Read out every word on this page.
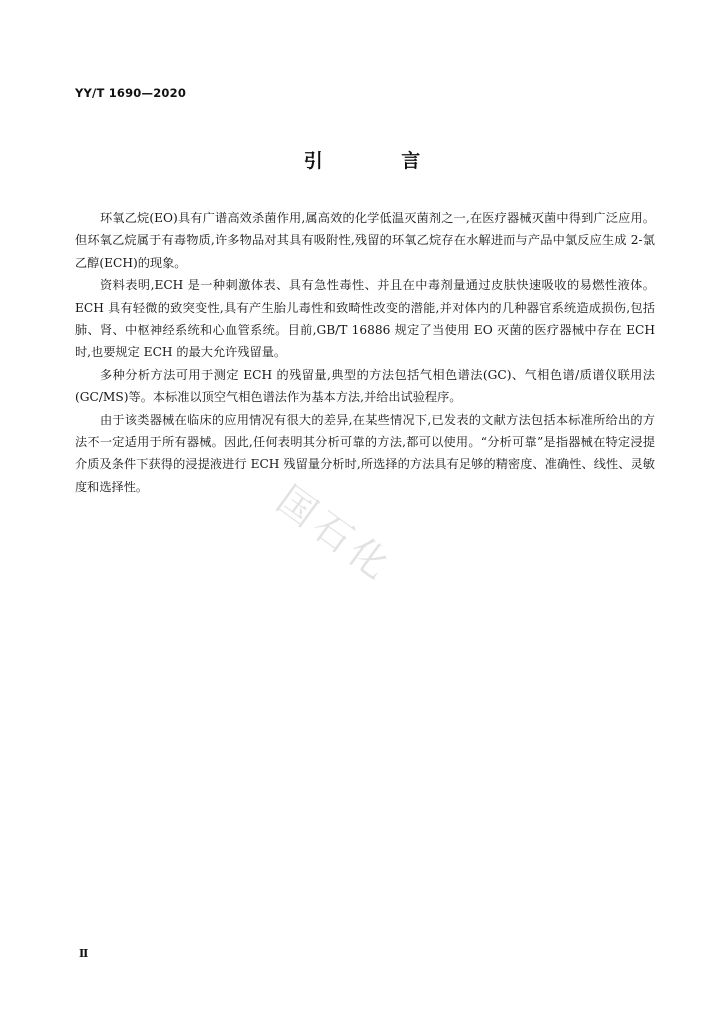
YY/T 1690—2020
引 言

环氧乙烷(EO)具有广谱高效杀菌作用,属高效的化学低温灭菌剂之一,在医疗器械灭菌中得到广泛应用。但环氧乙烷属于有毒物质,许多物品对其具有吸附性,残留的环氧乙烷存在水解进而与产品中氯反应生成 2-氯乙醇(ECH)的现象。

资料表明,ECH 是一种刺激体表、具有急性毒性、并且在中毒剂量通过皮肤快速吸收的易燃性液体。ECH 具有轻微的致突变性,具有产生胎儿毒性和致畸性改变的潜能,并对体内的几种器官系统造成损伤,包括肺、肾、中枢神经系统和心血管系统。目前,GB/T 16886 规定了当使用 EO 灭菌的医疗器械中存在 ECH 时,也要规定 ECH 的最大允许残留量。

多种分析方法可用于测定 ECH 的残留量,典型的方法包括气相色谱法(GC)、气相色谱/质谱仪联用法(GC/MS)等。本标准以顶空气相色谱法作为基本方法,并给出试验程序。

由于该类器械在临床的应用情况有很大的差异,在某些情况下,已发表的文献方法包括本标准所给出的方法不一定适用于所有器械。因此,任何表明其分析可靠的方法,都可以使用。“分析可靠”是指器械在特定浸提介质及条件下获得的浸提液进行 ECH 残留量分析时,所选择的方法具有足够的精密度、准确性、线性、灵敏度和选择性。	国石化
Ⅱ
